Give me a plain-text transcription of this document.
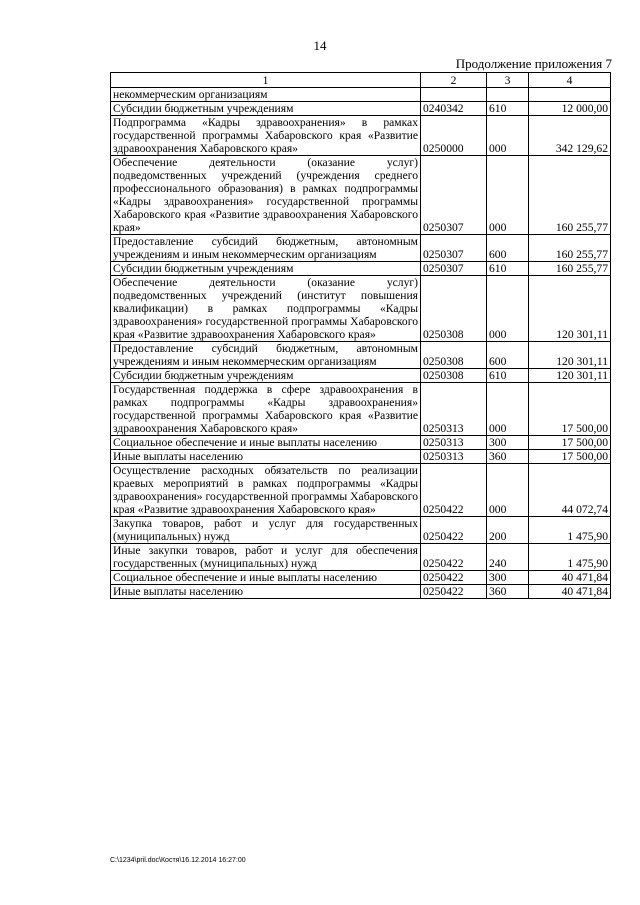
14
Продолжение приложения 7
1	2	3	4
некоммерческим организациям			
Субсидии бюджетным учреждениям	0240342	610	12 000,00
Подпрограмма «Кадры здравоохранения» в рамках государственной программы Хабаровского края «Развитие здравоохранения Хабаровского края»	0250000	000	342 129,62
Обеспечение деятельности (оказание услуг) подведомственных учреждений (учреждения среднего профессионального образования) в рамках подпрограммы «Кадры здравоохранения» государственной программы Хабаровского края «Развитие здравоохранения Хабаровского края»	0250307	000	160 255,77
Предоставление субсидий бюджетным, автономным учреждениям и иным некоммерческим организациям	0250307	600	160 255,77
Субсидии бюджетным учреждениям	0250307	610	160 255,77
Обеспечение деятельности (оказание услуг) подведомственных учреждений (институт повышения квалификации) в рамках подпрограммы «Кадры здравоохранения» государственной программы Хабаровского края «Развитие здравоохранения Хабаровского края»	0250308	000	120 301,11
Предоставление субсидий бюджетным, автономным учреждениям и иным некоммерческим организациям	0250308	600	120 301,11
Субсидии бюджетным учреждениям	0250308	610	120 301,11
Государственная поддержка в сфере здравоохранения в рамках подпрограммы «Кадры здравоохранения» государственной программы Хабаровского края «Развитие здравоохранения Хабаровского края»	0250313	000	17 500,00
Социальное обеспечение и иные выплаты населению	0250313	300	17 500,00
Иные выплаты населению	0250313	360	17 500,00
Осуществление расходных обязательств по реализации краевых мероприятий в рамках подпрограммы «Кадры здравоохранения» государственной программы Хабаровского края «Развитие здравоохранения Хабаровского края»	0250422	000	44 072,74
Закупка товаров, работ и услуг для государственных (муниципальных) нужд	0250422	200	1 475,90
Иные закупки товаров, работ и услуг для обеспечения государственных (муниципальных) нужд	0250422	240	1 475,90
Социальное обеспечение и иные выплаты населению	0250422	300	40 471,84
Иные выплаты населению	0250422	360	40 471,84
C:\1234\pril.doc\Костя\16.12.2014 16:27:00
